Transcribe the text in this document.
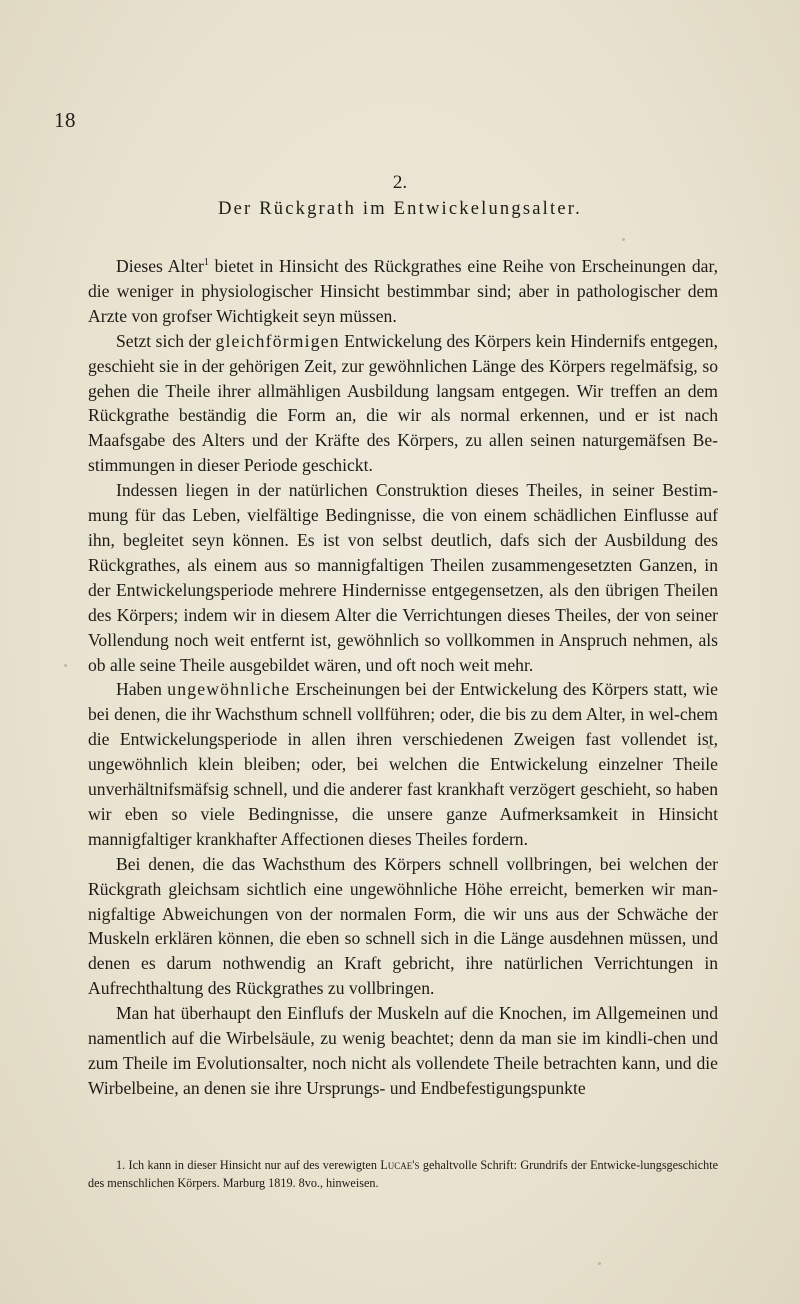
18
2.
Der Rückgrath im Entwickelungsalter.

Dieses Alter$^1$ bietet in Hinsicht des Rückgrathes eine Reihe von Erscheinungen dar, die weniger in physiologischer Hinsicht bestimmbar sind; aber in pathologischer dem Arzte von grofser Wichtigkeit seyn müssen.

Setzt sich der gleichförmigen Entwickelung des Körpers kein Hindernifs entgegen, geschieht sie in der gehörigen Zeit, zur gewöhnlichen Länge des Körpers regelmäfsig, so gehen die Theile ihrer allmähligen Ausbildung langsam entgegen. Wir treffen an dem Rückgrathe beständig die Form an, die wir als normal erkennen, und er ist nach Maafsgabe des Alters und der Kräfte des Körpers, zu allen seinen naturgemäfsen Be-stimmungen in dieser Periode geschickt.

Indessen liegen in der natürlichen Construktion dieses Theiles, in seiner Bestim-mung für das Leben, vielfältige Bedingnisse, die von einem schädlichen Einflusse auf ihn, begleitet seyn können. Es ist von selbst deutlich, dafs sich der Ausbildung des Rückgrathes, als einem aus so mannigfaltigen Theilen zusammengesetzten Ganzen, in der Entwickelungsperiode mehrere Hindernisse entgegensetzen, als den übrigen Theilen des Körpers; indem wir in diesem Alter die Verrichtungen dieses Theiles, der von seiner Vollendung noch weit entfernt ist, gewöhnlich so vollkommen in Anspruch nehmen, als ob alle seine Theile ausgebildet wären, und oft noch weit mehr.

Haben ungewöhnliche Erscheinungen bei der Entwickelung des Körpers statt, wie bei denen, die ihr Wachsthum schnell vollführen; oder, die bis zu dem Alter, in wel-chem die Entwickelungsperiode in allen ihren verschiedenen Zweigen fast vollendet ist, ungewöhnlich klein bleiben; oder, bei welchen die Entwickelung einzelner Theile unverhältnifsmäfsig schnell, und die anderer fast krankhaft verzögert geschieht, so haben wir eben so viele Bedingnisse, die unsere ganze Aufmerksamkeit in Hinsicht mannigfaltiger krankhafter Affectionen dieses Theiles fordern.

Bei denen, die das Wachsthum des Körpers schnell vollbringen, bei welchen der Rückgrath gleichsam sichtlich eine ungewöhnliche Höhe erreicht, bemerken wir man-nigfaltige Abweichungen von der normalen Form, die wir uns aus der Schwäche der Muskeln erklären können, die eben so schnell sich in die Länge ausdehnen müssen, und denen es darum nothwendig an Kraft gebricht, ihre natürlichen Verrichtungen in Aufrechthaltung des Rückgrathes zu vollbringen.

Man hat überhaupt den Einflufs der Muskeln auf die Knochen, im Allgemeinen und namentlich auf die Wirbelsäule, zu wenig beachtet; denn da man sie im kindli-chen und zum Theile im Evolutionsalter, noch nicht als vollendete Theile betrachten kann, und die Wirbelbeine, an denen sie ihre Ursprungs- und Endbefestigungspunkte

1. Ich kann in dieser Hinsicht nur auf des verewigten Lucae's gehaltvolle Schrift: Grundrifs der Entwicke-lungsgeschichte des menschlichen Körpers. Marburg 1819. 8vo., hinweisen.
